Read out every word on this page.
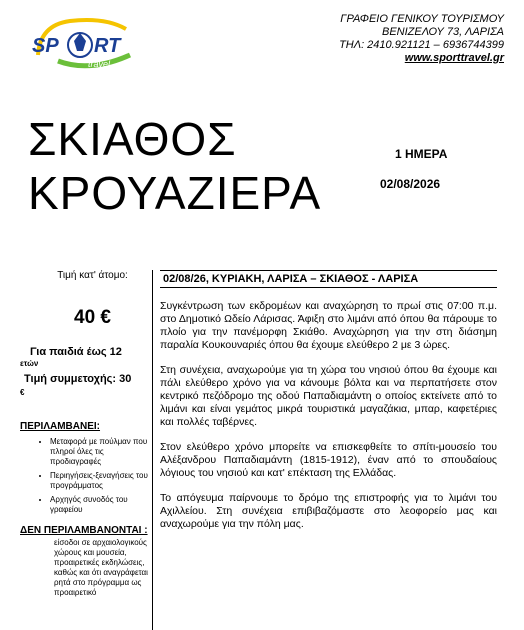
SP RT
travel
ΓΡΑΦΕΙΟ ΓΕΝΙΚΟΥ ΤΟΥΡΙΣΜΟΥ
ΒΕΝΙΖΕΛΟΥ 73, ΛΑΡΙΣΑ
ΤΗΛ: 2410.921121 – 6936744399
www.sporttravel.gr
ΣΚΙΑΘΟΣ
ΚΡΟΥΑΖΙΕΡΑ
1 ΗΜΕΡΑ
02/08/2026
Τιμή κατ' άτομο:
40 €
Για παιδιά έως 12
ετών
Τιμή συμμετοχής: 30
€
ΠΕΡΙΛΑΜΒΑΝΕΙ:
• Μεταφορά με πούλμαν που πληροί όλες τις προδιαγραφές
• Περιηγήσεις-ξεναγήσεις του προγράμματος
• Αρχηγός συνοδός του γραφείου
ΔΕΝ ΠΕΡΙΛΑΜΒΑΝΟΝΤΑΙ :
είσοδοι σε αρχαιολογικούς χώρους και μουσεία, προαιρετικές εκδηλώσεις, καθώς και ότι αναγράφεται ρητά στο πρόγραμμα ως προαιρετικό
02/08/26, ΚΥΡΙΑΚΗ, ΛΑΡΙΣΑ – ΣΚΙΑΘΟΣ - ΛΑΡΙΣΑ

Συγκέντρωση των εκδρομέων και αναχώρηση το πρωί στις 07:00 π.μ. στο Δημοτικό Ωδείο Λάρισας. Άφιξη στο λιμάνι από όπου θα πάρουμε το πλοίο για την πανέμορφη Σκιάθο. Αναχώρηση για την στη διάσημη παραλία Κουκουναριές όπου θα έχουμε ελεύθερο 2 με 3 ώρες.

Στη συνέχεια, αναχωρούμε για τη χώρα του νησιού όπου θα έχουμε και πάλι ελεύθερο χρόνο για να κάνουμε βόλτα και να περπατήσετε στον κεντρικό πεζόδρομο της οδού Παπαδιαμάντη ο οποίος εκτείνετε από το λιμάνι και είναι γεμάτος μικρά τουριστικά μαγαζάκια, μπαρ, καφετέριες και πολλές ταβέρνες.

Στον ελεύθερο χρόνο μπορείτε να επισκεφθείτε το σπίτι-μουσείο του Αλέξανδρου Παπαδιαμάντη (1815-1912), έναν από το σπουδαίους λόγιους του νησιού και κατ' επέκταση της Ελλάδας.

Το απόγευμα παίρνουμε το δρόμο της επιστροφής για το λιμάνι του Αχιλλείου. Στη συνέχεια επιβιβαζόμαστε στο λεοφορείο μας και αναχωρούμε για την πόλη μας.
